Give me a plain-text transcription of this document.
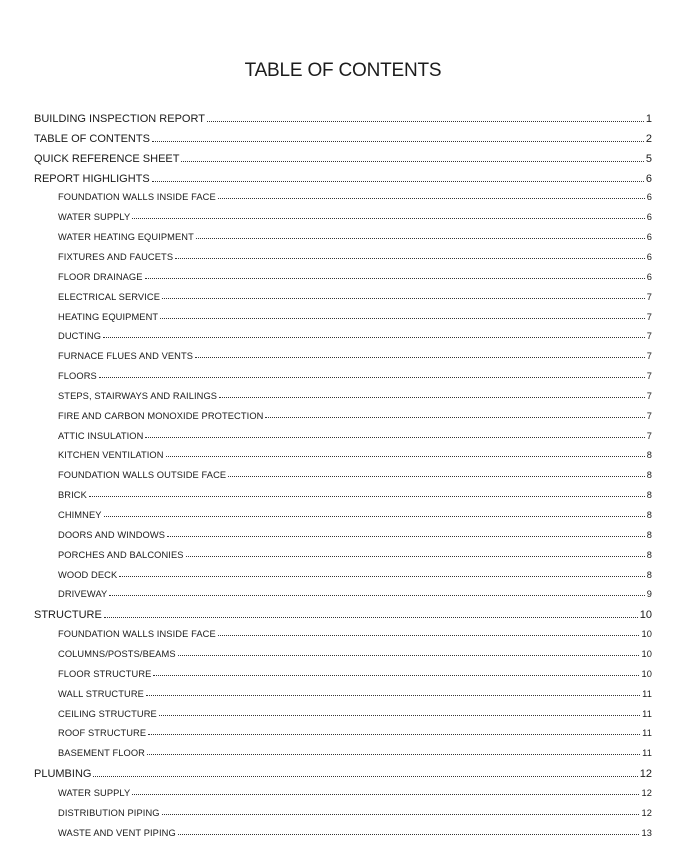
TABLE OF CONTENTS
BUILDING INSPECTION REPORT	1
TABLE OF CONTENTS	2
QUICK REFERENCE SHEET	5
REPORT HIGHLIGHTS	6
FOUNDATION WALLS INSIDE FACE	6
WATER SUPPLY	6
WATER HEATING EQUIPMENT	6
FIXTURES AND FAUCETS	6
FLOOR DRAINAGE	6
ELECTRICAL SERVICE	7
HEATING EQUIPMENT	7
DUCTING	7
FURNACE FLUES AND VENTS	7
FLOORS	7
STEPS, STAIRWAYS AND RAILINGS	7
FIRE AND CARBON MONOXIDE PROTECTION	7
ATTIC INSULATION	7
KITCHEN VENTILATION	8
FOUNDATION WALLS OUTSIDE FACE	8
BRICK	8
CHIMNEY	8
DOORS AND WINDOWS	8
PORCHES AND BALCONIES	8
WOOD DECK	8
DRIVEWAY	9
STRUCTURE	10
FOUNDATION WALLS INSIDE FACE	10
COLUMNS/POSTS/BEAMS	10
FLOOR STRUCTURE	10
WALL STRUCTURE	11
CEILING STRUCTURE	11
ROOF STRUCTURE	11
BASEMENT FLOOR	11
PLUMBING	12
WATER SUPPLY	12
DISTRIBUTION PIPING	12
WASTE AND VENT PIPING	13
